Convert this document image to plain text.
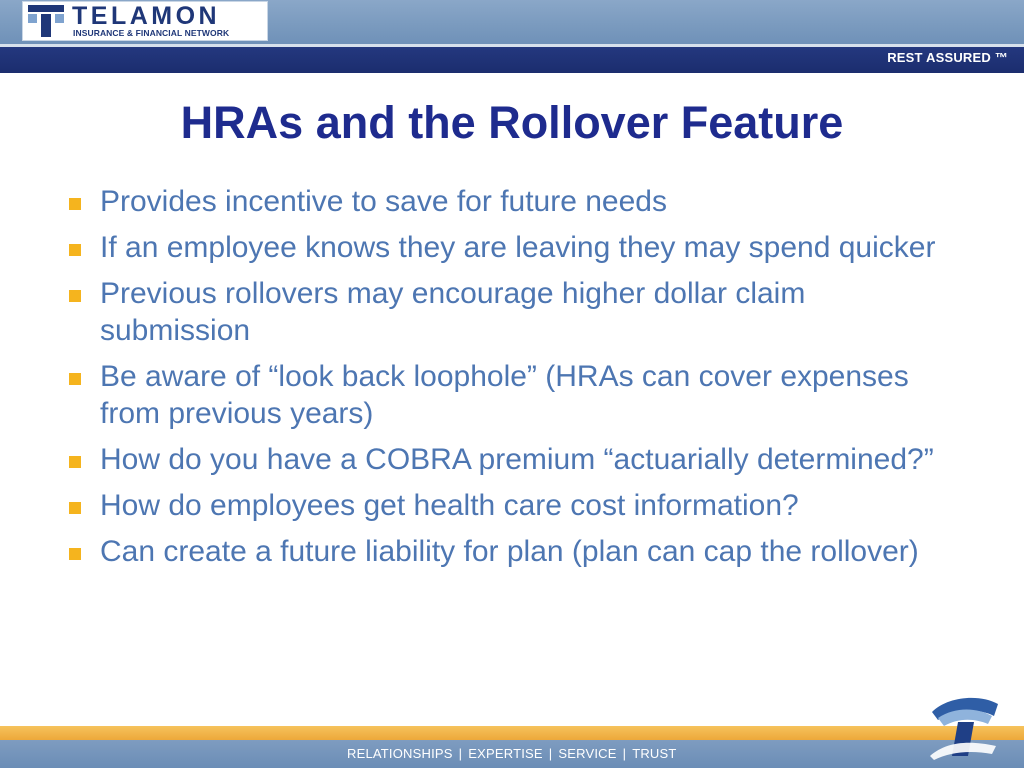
REST ASSURED ™
TELAMON
INSURANCE & FINANCIAL NETWORK
HRAs and the Rollover Feature
Provides incentive to save for future needs
If an employee knows they are leaving they may spend quicker
Previous rollovers may encourage higher dollar claim submission
Be aware of “look back loophole” (HRAs can cover expenses from previous years)
How do you have a COBRA premium “actuarially determined?”
How do employees get health care cost information?
Can create a future liability for plan (plan can cap the rollover)
RELATIONSHIPS | EXPERTISE | SERVICE | TRUST
